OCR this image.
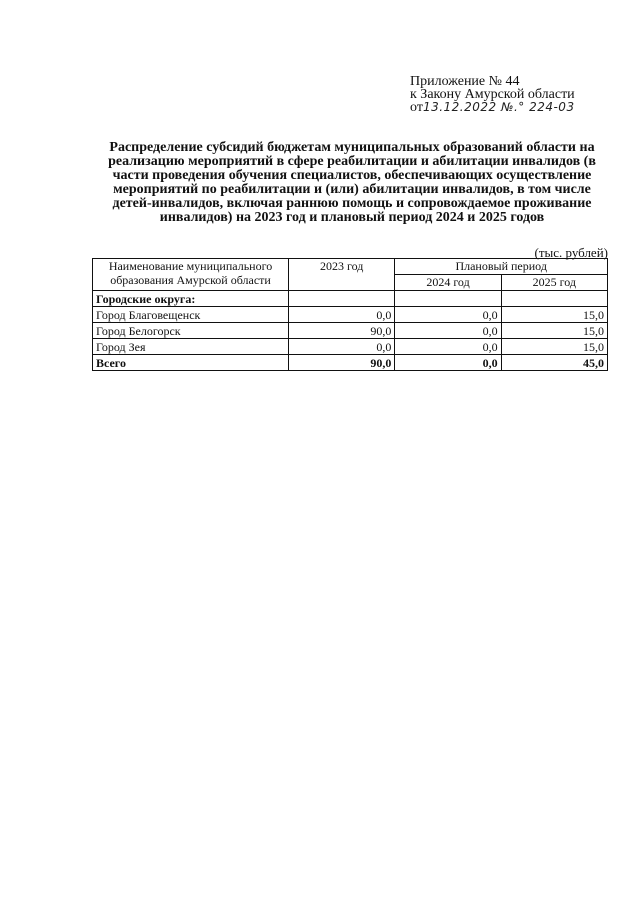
Приложение № 44
к Закону Амурской области
от13.12.2022 №.° 224-03
Распределение субсидий бюджетам муниципальных образований области на реализацию мероприятий в сфере реабилитации и абилитации инвалидов (в части проведения обучения специалистов, обеспечивающих осуществление мероприятий по реабилитации и (или) абилитации инвалидов, в том числе детей-инвалидов, включая раннюю помощь и сопровождаемое проживание инвалидов) на 2023 год и плановый период 2024 и 2025 годов
(тыс. рублей)
Наименование муниципального образования Амурской области	2023 год	Плановый период	
		2024 год	2025 год
Городские округа:			
Город Благовещенск	0,0	0,0	15,0
Город Белогорск	90,0	0,0	15,0
Город Зея	0,0	0,0	15,0
Всего	90,0	0,0	45,0
